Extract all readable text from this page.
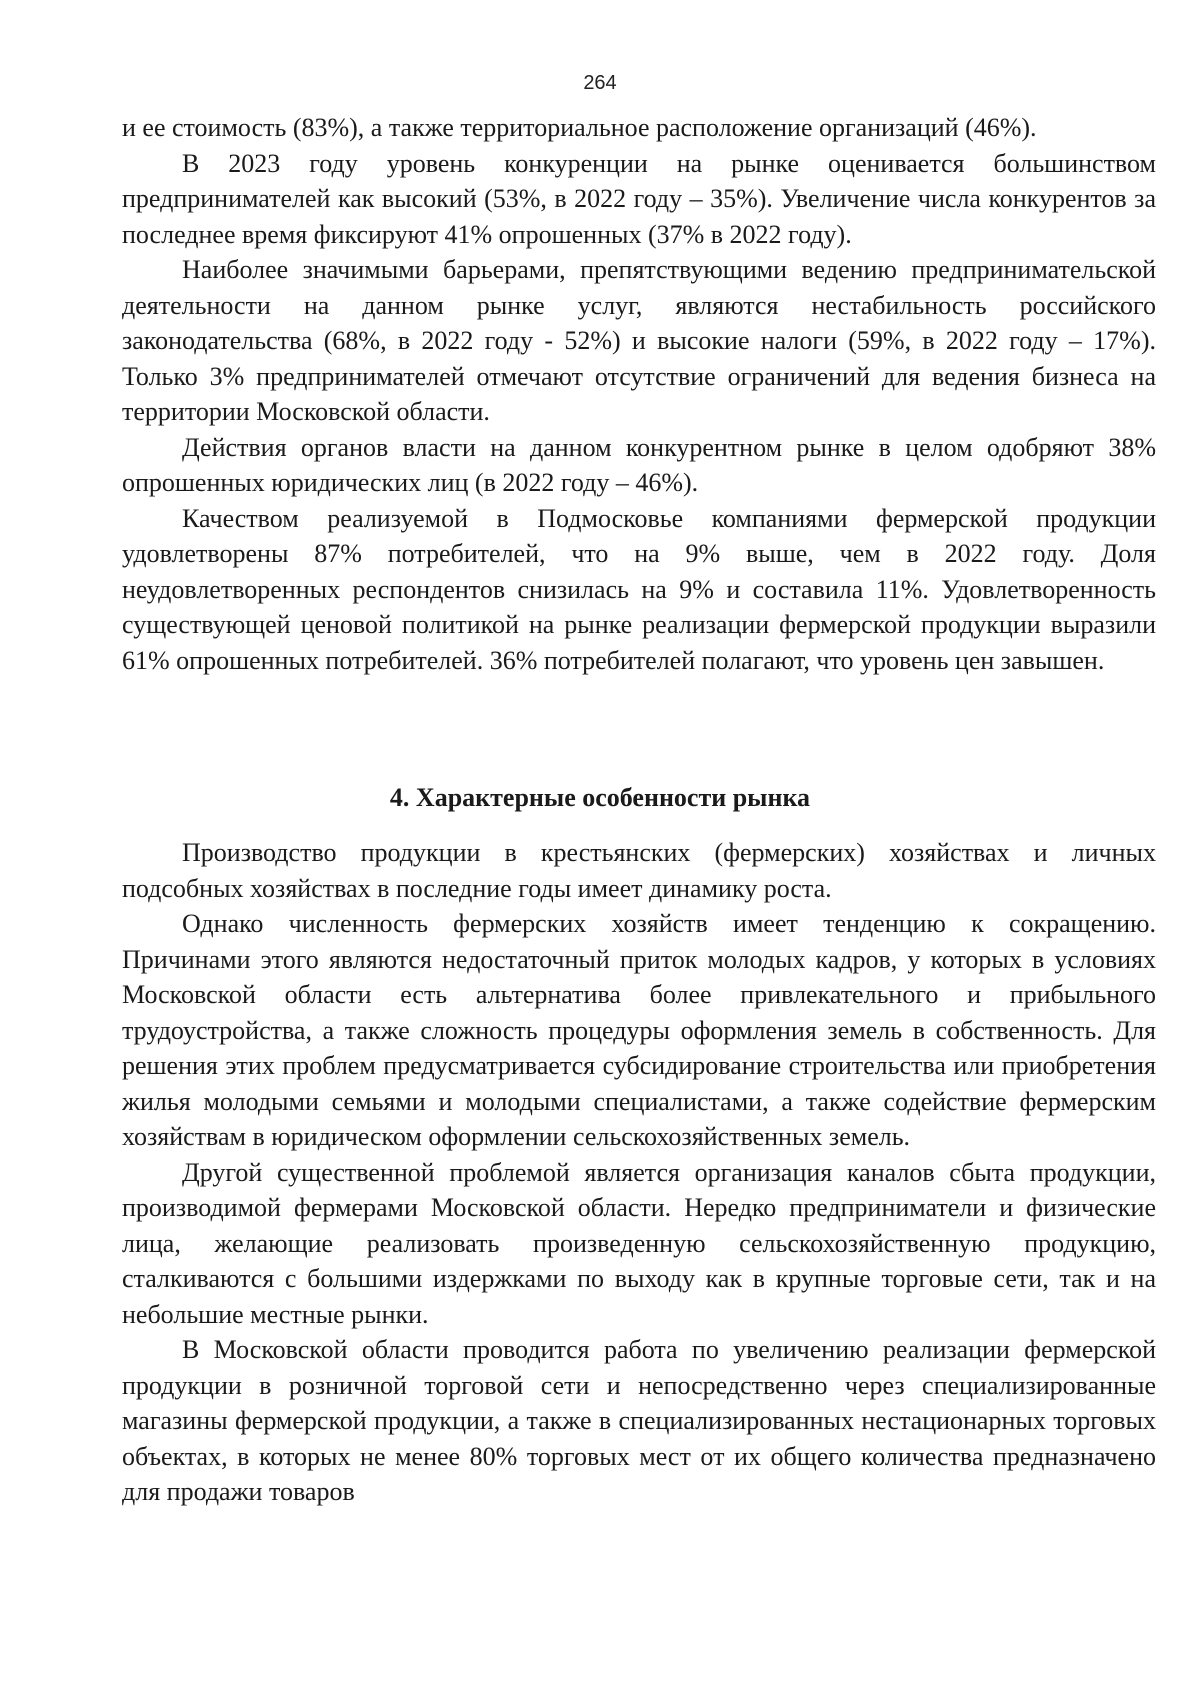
264

и ее стоимость (83%), а также территориальное расположение организаций (46%).

В 2023 году уровень конкуренции на рынке оценивается большинством предпринимателей как высокий (53%, в 2022 году – 35%). Увеличение числа конкурентов за последнее время фиксируют 41% опрошенных (37% в 2022 году).

Наиболее значимыми барьерами, препятствующими ведению предпринимательской деятельности на данном рынке услуг, являются нестабильность российского законодательства (68%, в 2022 году - 52%) и высокие налоги (59%, в 2022 году – 17%). Только 3% предпринимателей отмечают отсутствие ограничений для ведения бизнеса на территории Московской области.

Действия органов власти на данном конкурентном рынке в целом одобряют 38% опрошенных юридических лиц (в 2022 году – 46%).

Качеством реализуемой в Подмосковье компаниями фермерской продукции удовлетворены 87% потребителей, что на 9% выше, чем в 2022 году. Доля неудовлетворенных респондентов снизилась на 9% и составила 11%. Удовлетворенность существующей ценовой политикой на рынке реализации фермерской продукции выразили 61% опрошенных потребителей. 36% потребителей полагают, что уровень цен завышен.

4. Характерные особенности рынка

Производство продукции в крестьянских (фермерских) хозяйствах и личных подсобных хозяйствах в последние годы имеет динамику роста.

Однако численность фермерских хозяйств имеет тенденцию к сокращению. Причинами этого являются недостаточный приток молодых кадров, у которых в условиях Московской области есть альтернатива более привлекательного и прибыльного трудоустройства, а также сложность процедуры оформления земель в собственность. Для решения этих проблем предусматривается субсидирование строительства или приобретения жилья молодыми семьями и молодыми специалистами, а также содействие фермерским хозяйствам в юридическом оформлении сельскохозяйственных земель.

Другой существенной проблемой является организация каналов сбыта продукции, производимой фермерами Московской области. Нередко предприниматели и физические лица, желающие реализовать произведенную сельскохозяйственную продукцию, сталкиваются с большими издержками по выходу как в крупные торговые сети, так и на небольшие местные рынки.

В Московской области проводится работа по увеличению реализации фермерской продукции в розничной торговой сети и непосредственно через специализированные магазины фермерской продукции, а также в специализированных нестационарных торговых объектах, в которых не менее 80% торговых мест от их общего количества предназначено для продажи товаров
